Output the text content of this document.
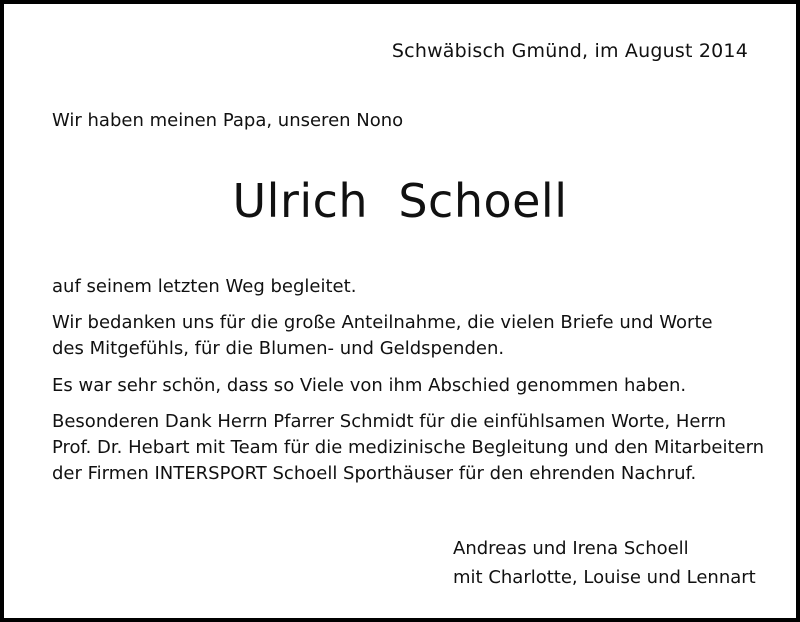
Schwäbisch Gmünd, im August 2014
Wir haben meinen Papa, unseren Nono
Ulrich  Schoell
auf seinem letzten Weg begleitet.
Wir bedanken uns für die große Anteilnahme, die vielen Briefe und Worte
des Mitgefühls, für die Blumen- und Geldspenden.
Es war sehr schön, dass so Viele von ihm Abschied genommen haben.
Besonderen Dank Herrn Pfarrer Schmidt für die einfühlsamen Worte, Herrn
Prof. Dr. Hebart mit Team für die medizinische Begleitung und den Mitarbeitern
der Firmen INTERSPORT Schoell Sporthäuser für den ehrenden Nachruf.
Andreas und Irena Schoell
mit Charlotte, Louise und Lennart
